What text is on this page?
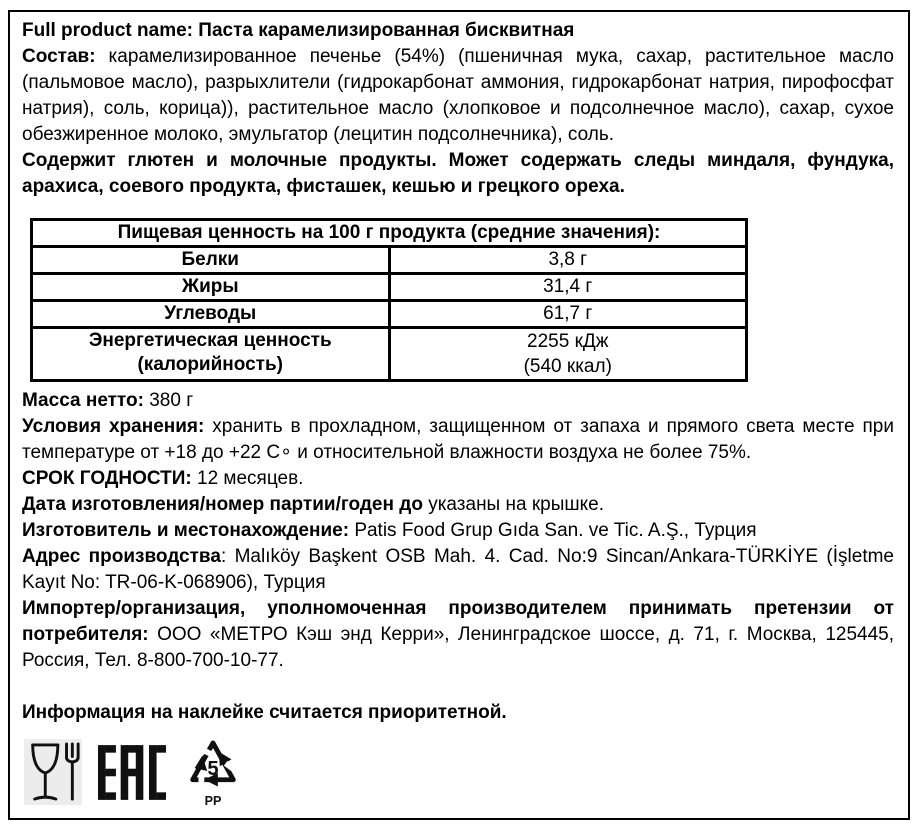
Full product name: Паста карамелизированная бисквитная

Состав: карамелизированное печенье (54%) (пшеничная мука, сахар, растительное масло (пальмовое масло), разрыхлители (гидрокарбонат аммония, гидрокарбонат натрия, пирофосфат натрия), соль, корица)), растительное масло (хлопковое и подсолнечное масло), сахар, сухое обезжиренное молоко, эмульгатор (лецитин подсолнечника), соль.

Содержит глютен и молочные продукты. Может содержать следы миндаля, фундука, арахиса, соевого продукта, фисташек, кешью и грецкого ореха.

Пищевая ценность на 100 г продукта (средние значения):	
Белки	3,8 г
Жиры	31,4 г
Углеводы	61,7 г
Энергетическая ценность (калорийность)	2255 кДж
(540 ккал)

Масса нетто: 380 г

Условия хранения: хранить в прохладном, защищенном от запаха и прямого света месте при температуре от +18 до +22 С∘ и относительной влажности воздуха не более 75%.

СРОК ГОДНОСТИ: 12 месяцев.

Дата изготовления/номер партии/годен до указаны на крышке.

Изготовитель и местонахождение: Patis Food Grup Gıda San. ve Tic. A.Ş., Турция

Адрес производства: Malıköy Başkent OSB Mah. 4. Cad. No:9 Sincan/Ankara-TÜRKİYE (İşletme Kayıt No: TR-06-K-068906), Турция

Импортер/организация, уполномоченная производителем принимать претензии от потребителя: ООО «МЕТРО Кэш энд Керри», Ленинградское шоссе, д. 71, г. Москва, 125445, Россия, Тел. 8-800-700-10-77.

Информация на наклейке считается приоритетной.

5
PP
